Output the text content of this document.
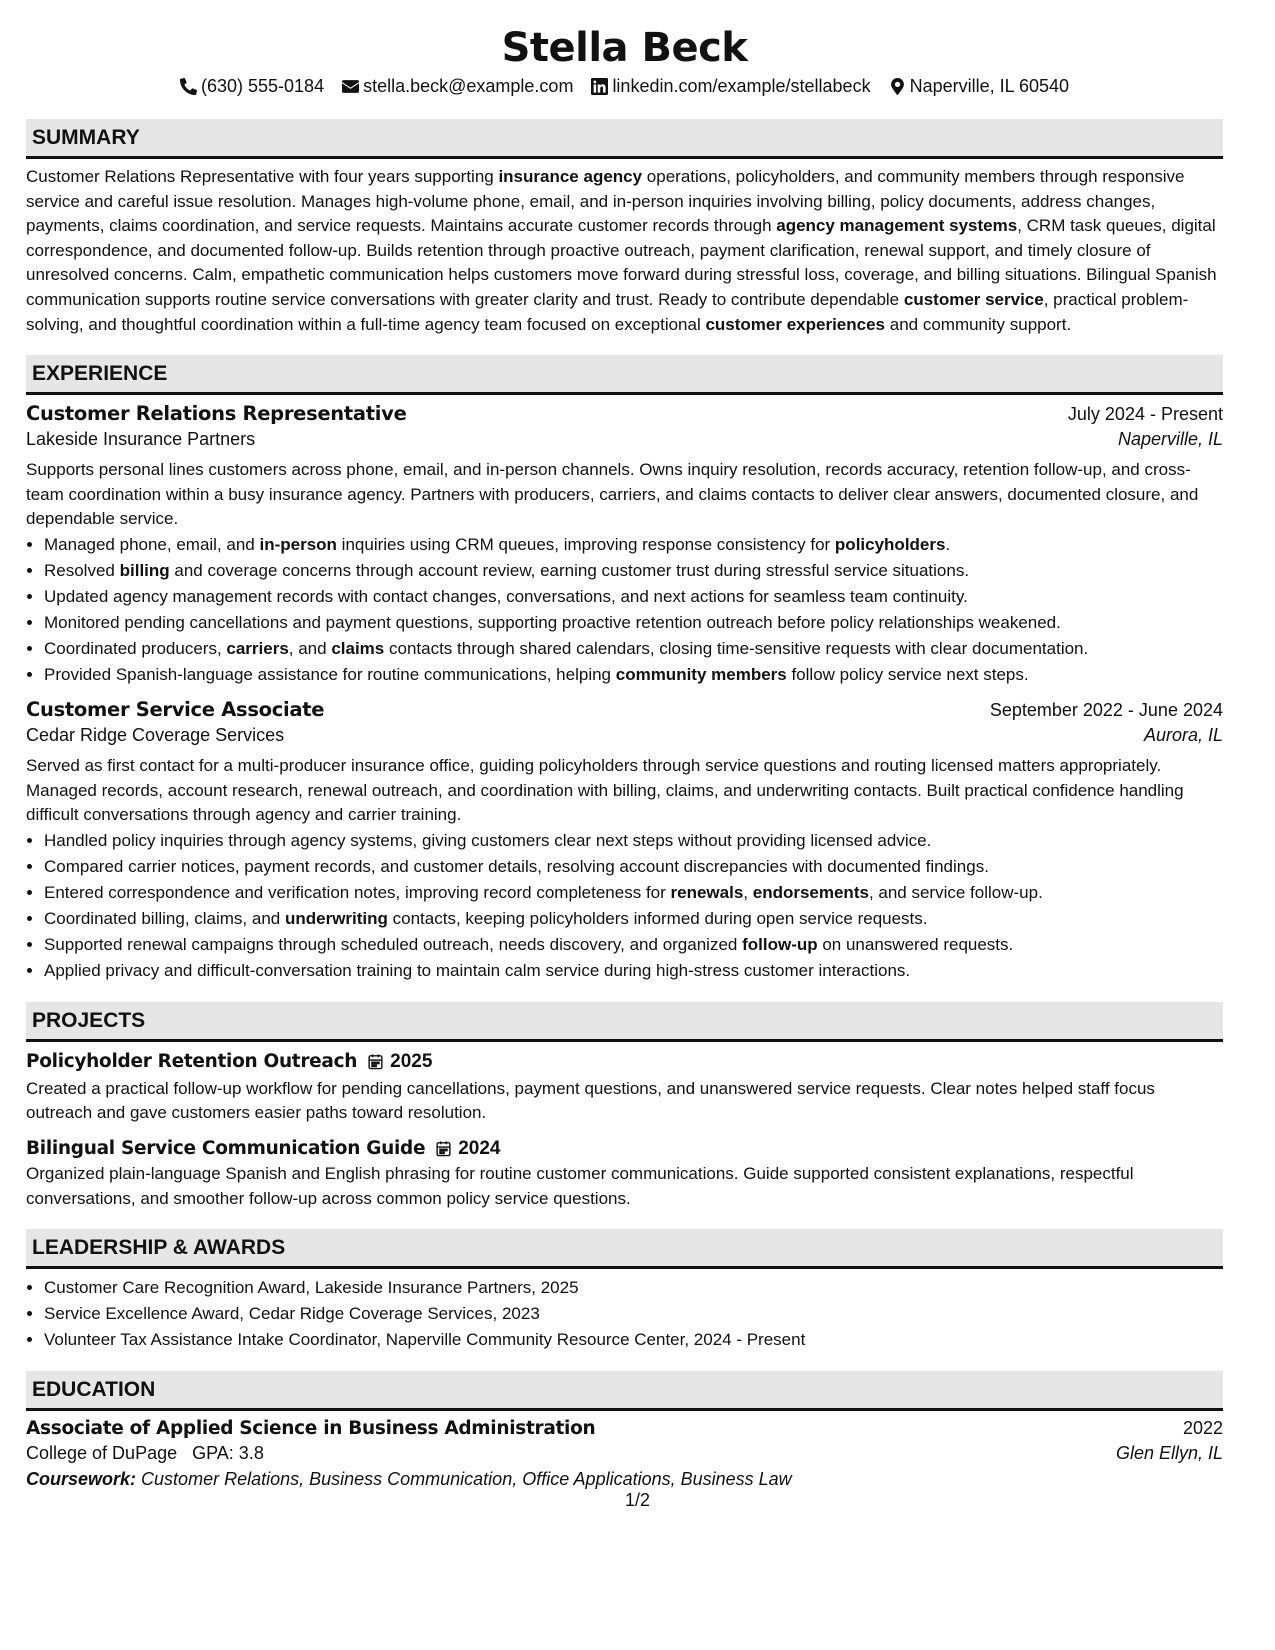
Stella Beck
(630) 555-0184 stella.beck@example.com linkedin.com/example/stellabeck Naperville, IL 60540
SUMMARY

Customer Relations Representative with four years supporting insurance agency operations, policyholders, and community members through responsive service and careful issue resolution. Manages high-volume phone, email, and in-person inquiries involving billing, policy documents, address changes, payments, claims coordination, and service requests. Maintains accurate customer records through agency management systems, CRM task queues, digital correspondence, and documented follow-up. Builds retention through proactive outreach, payment clarification, renewal support, and timely closure of unresolved concerns. Calm, empathetic communication helps customers move forward during stressful loss, coverage, and billing situations. Bilingual Spanish communication supports routine service conversations with greater clarity and trust. Ready to contribute dependable customer service, practical problem-solving, and thoughtful coordination within a full-time agency team focused on exceptional customer experiences and community support.

EXPERIENCE
Customer Relations Representative	July 2024 - Present
Lakeside Insurance Partners	Naperville, IL

Supports personal lines customers across phone, email, and in-person channels. Owns inquiry resolution, records accuracy, retention follow-up, and cross-team coordination within a busy insurance agency. Partners with producers, carriers, and claims contacts to deliver clear answers, documented closure, and dependable service.

• Managed phone, email, and in-person inquiries using CRM queues, improving response consistency for policyholders.
• Resolved billing and coverage concerns through account review, earning customer trust during stressful service situations.
• Updated agency management records with contact changes, conversations, and next actions for seamless team continuity.
• Monitored pending cancellations and payment questions, supporting proactive retention outreach before policy relationships weakened.
• Coordinated producers, carriers, and claims contacts through shared calendars, closing time-sensitive requests with clear documentation.
• Provided Spanish-language assistance for routine communications, helping community members follow policy service next steps.
Customer Service Associate	September 2022 - June 2024
Cedar Ridge Coverage Services	Aurora, IL

Served as first contact for a multi-producer insurance office, guiding policyholders through service questions and routing licensed matters appropriately. Managed records, account research, renewal outreach, and coordination with billing, claims, and underwriting contacts. Built practical confidence handling difficult conversations through agency and carrier training.

• Handled policy inquiries through agency systems, giving customers clear next steps without providing licensed advice.
• Compared carrier notices, payment records, and customer details, resolving account discrepancies with documented findings.
• Entered correspondence and verification notes, improving record completeness for renewals, endorsements, and service follow-up.
• Coordinated billing, claims, and underwriting contacts, keeping policyholders informed during open service requests.
• Supported renewal campaigns through scheduled outreach, needs discovery, and organized follow-up on unanswered requests.
• Applied privacy and difficult-conversation training to maintain calm service during high-stress customer interactions.
PROJECTS
Policyholder Retention Outreach 2025

Created a practical follow-up workflow for pending cancellations, payment questions, and unanswered service requests. Clear notes helped staff focus outreach and gave customers easier paths toward resolution.

Bilingual Service Communication Guide 2024

Organized plain-language Spanish and English phrasing for routine customer communications. Guide supported consistent explanations, respectful conversations, and smoother follow-up across common policy service questions.

LEADERSHIP & AWARDS
• Customer Care Recognition Award, Lakeside Insurance Partners, 2025
• Service Excellence Award, Cedar Ridge Coverage Services, 2023
• Volunteer Tax Assistance Intake Coordinator, Naperville Community Resource Center, 2024 - Present
EDUCATION
Associate of Applied Science in Business Administration	2022
College of DuPage GPA: 3.8	Glen Ellyn, IL
Coursework: Customer Relations, Business Communication, Office Applications, Business Law
1/2
